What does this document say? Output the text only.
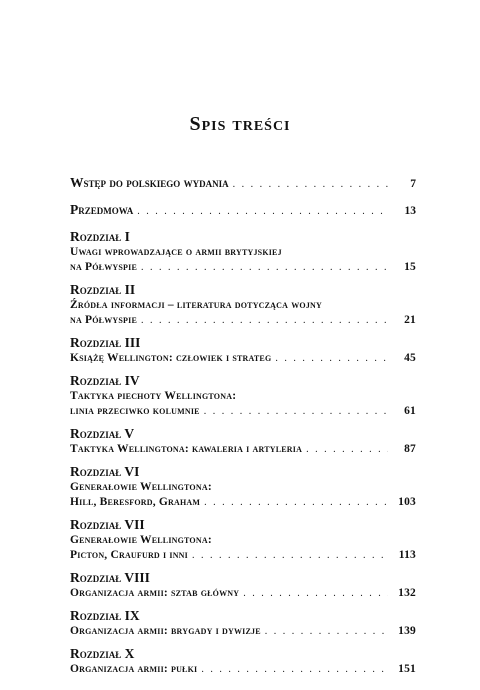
Spis treści
Wstęp do polskiego wydania . . .	7
Przedmowa . . .	13
Rozdział I
Uwagi wprowadzające o armii brytyjskiej
na Półwyspie . . .	15
Rozdział II
Źródła informacji – literatura dotycząca wojny
na Półwyspie . . .	21
Rozdział III
Książę Wellington: człowiek i strateg . . .	45
Rozdział IV
Taktyka piechoty Wellingtona:
linia przeciwko kolumnie . . .	61
Rozdział V
Taktyka Wellingtona: kawaleria i artyleria . . .	87
Rozdział VI
Generałowie Wellingtona:
Hill, Beresford, Graham . . .	103
Rozdział VII
Generałowie Wellingtona:
Picton, Craufurd i inni . . .	113
Rozdział VIII
Organizacja armii: sztab główny . . .	132
Rozdział IX
Organizacja armii: brygady i dywizje . . .	139
Rozdział X
Organizacja armii: pułki . . .	151
